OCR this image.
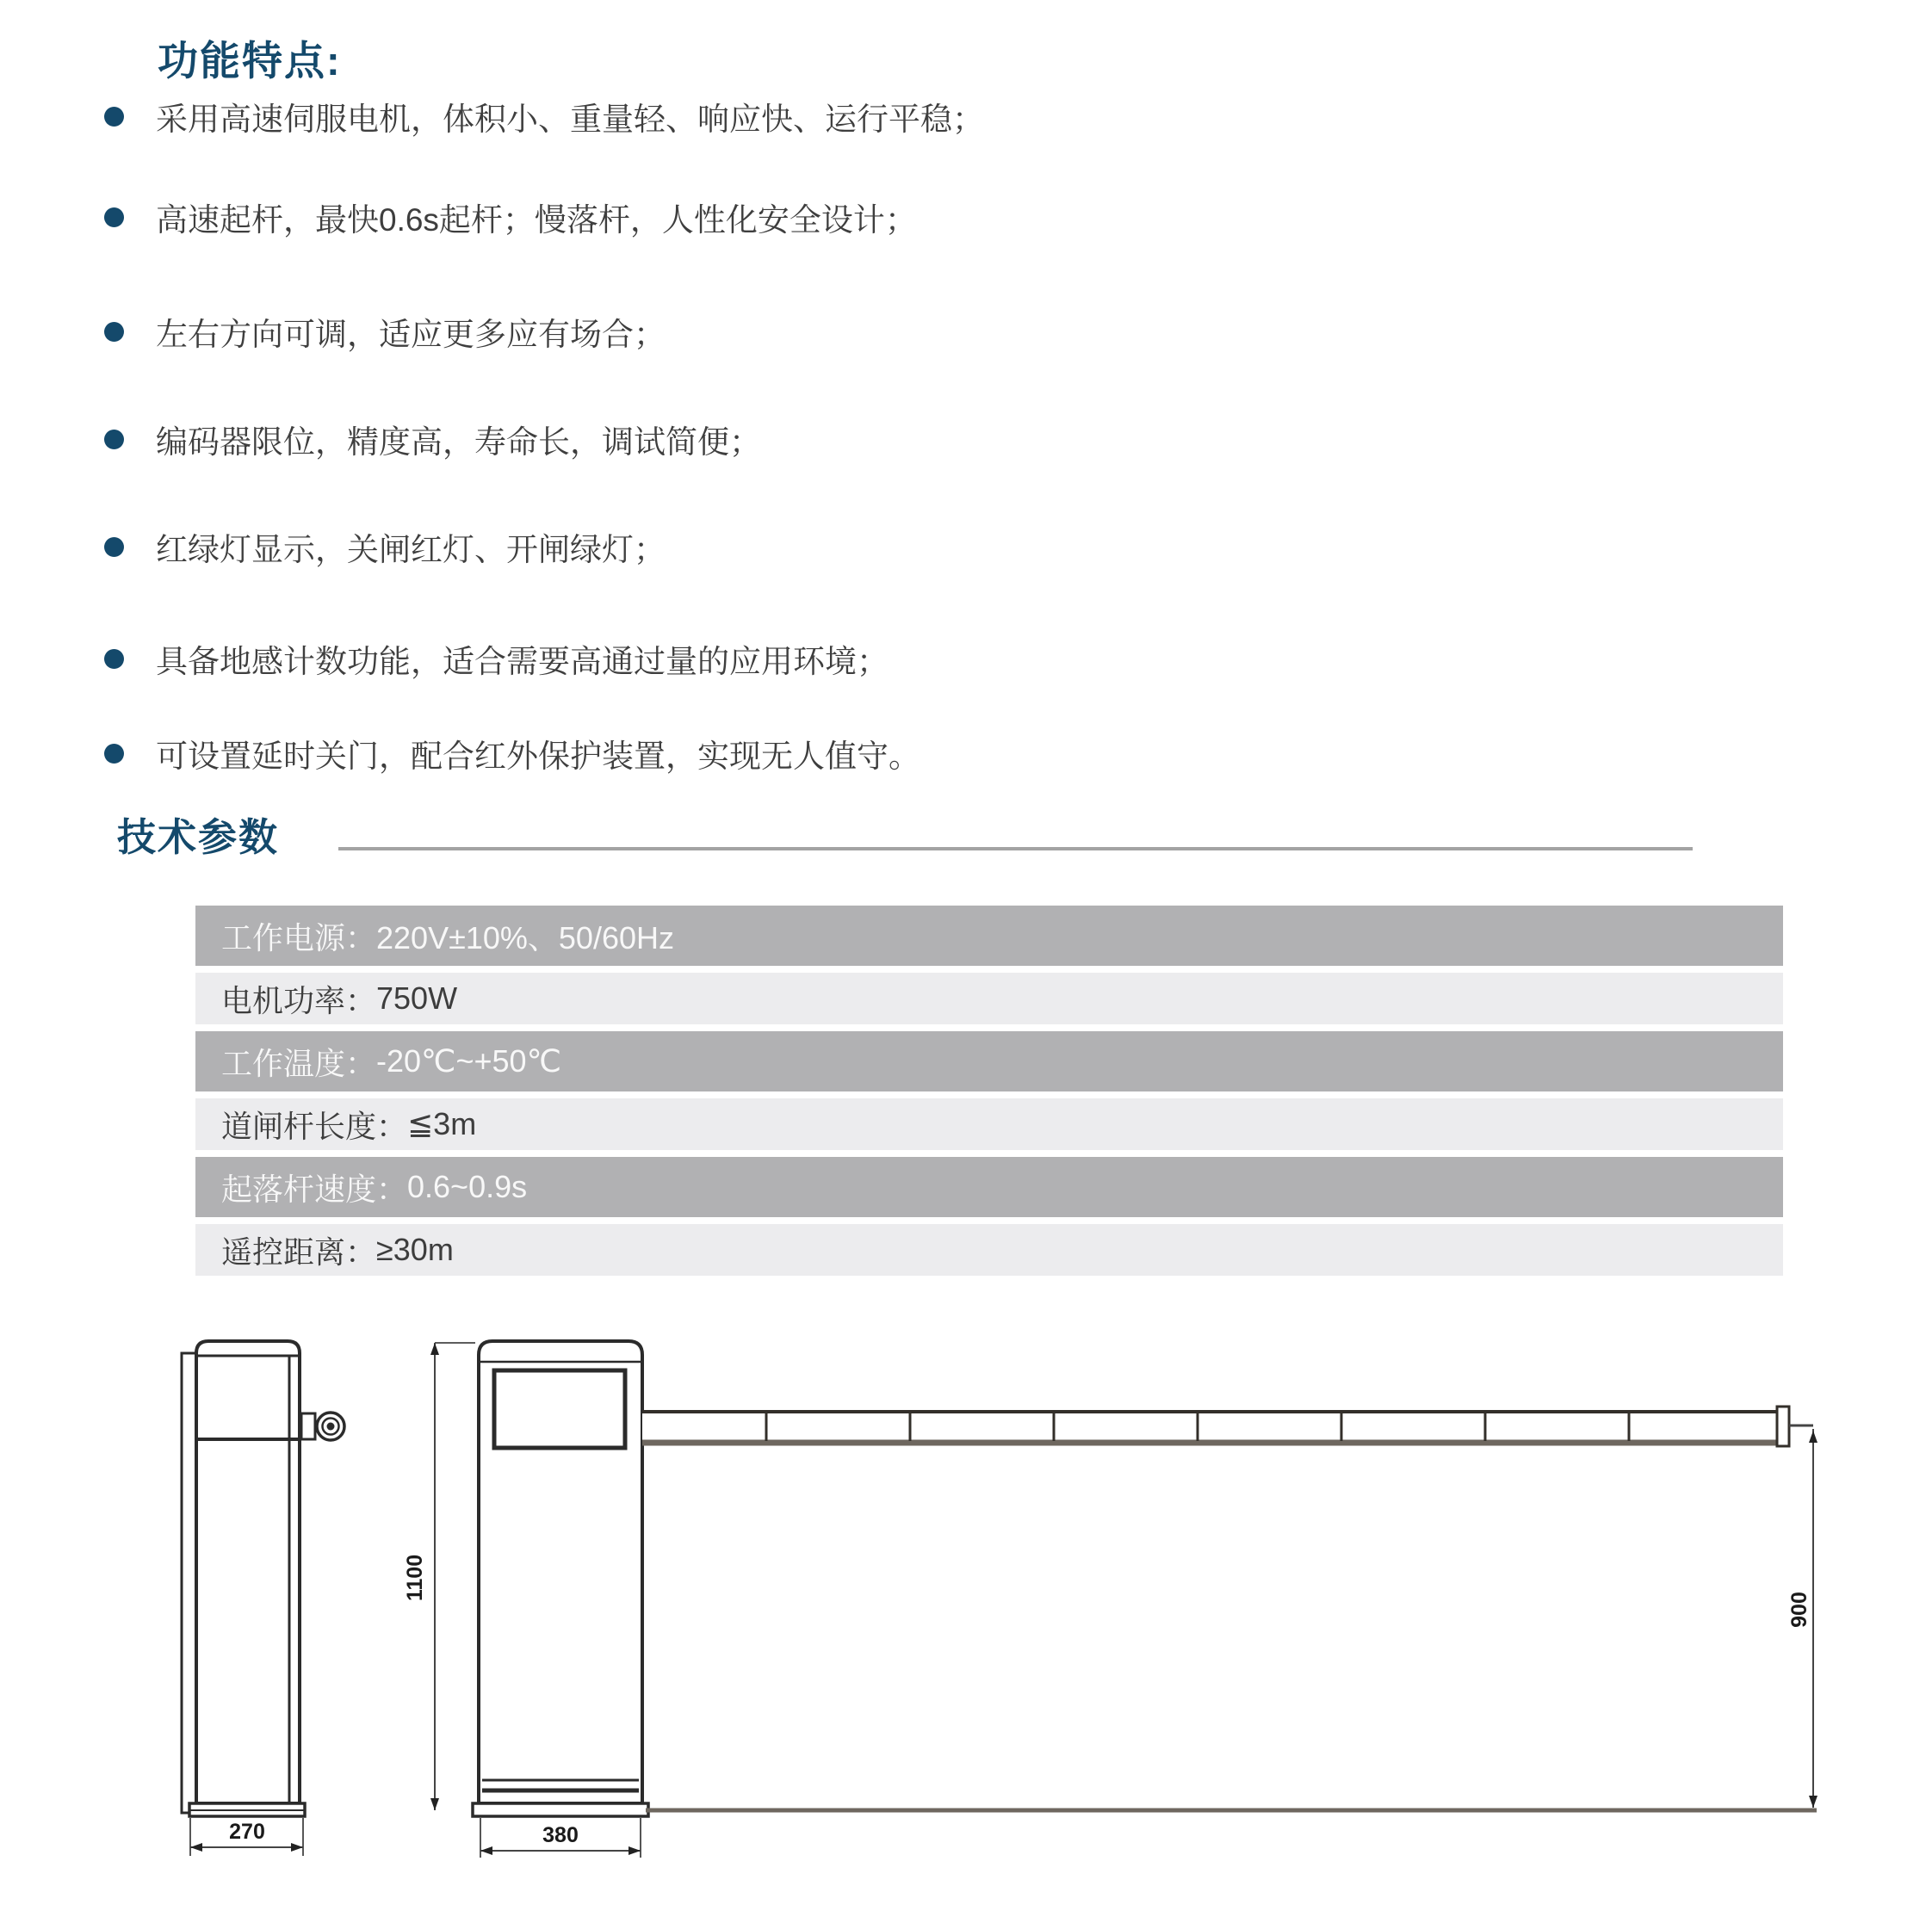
功能特点:
采用高速伺服电机，体积小、重量轻、响应快、运行平稳；
高速起杆，最快0.6s起杆；慢落杆，人性化安全设计；
左右方向可调，适应更多应有场合；
编码器限位，精度高，寿命长，调试简便；
红绿灯显示，关闸红灯、开闸绿灯；
具备地感计数功能，适合需要高通过量的应用环境；
可设置延时关门，配合红外保护装置，实现无人值守。
技术参数
工作电源： 220V±10%、50/60Hz
电机功率： 750W
工作温度： -20℃~+50℃
道闸杆长度： ≦3m
起落杆速度： 0.6~0.9s
遥控距离： ≥30m
270
1100
380
900
